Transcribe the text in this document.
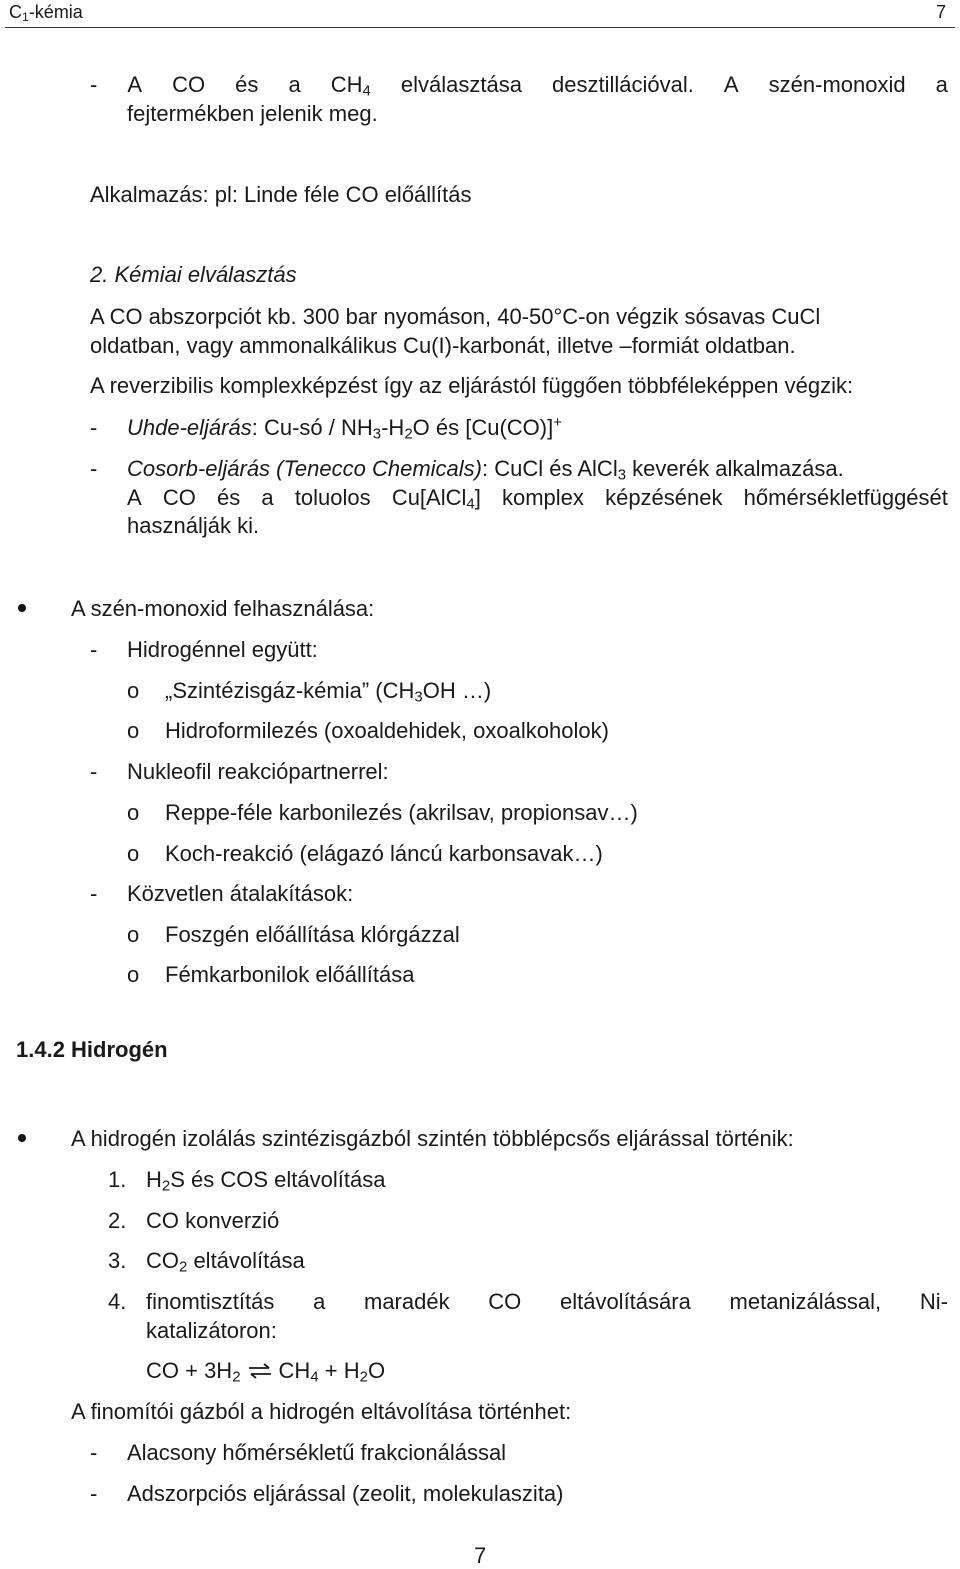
$C_1$-kémia	7
- A CO és a $CH_4$ elválasztása desztillációval. A szén-monoxid a
fejtermékben jelenik meg.
Alkalmazás: pl: Linde féle CO előállítás
2. Kémiai elválasztás
A CO abszorpciót kb. 300 bar nyomáson, 40-50°C-on végzik sósavas CuCl
oldatban, vagy ammonalkálikus Cu(I)-karbonát, illetve –formiát oldatban.
A reverzibilis komplexképzést így az eljárástól függően többféleképpen végzik:
- Uhde-eljárás: Cu-só / $NH_3-H_2O$ és [Cu(CO)]+
- Cosorb-eljárás (Tenecco Chemicals): CuCl és AlCl$_3$ keverék alkalmazása.
A CO és a toluolos Cu[AlCl$_4$] komplex képzésének hőmérsékletfüggését
használják ki.
A szén-monoxid felhasználása:
- Hidrogénnel együtt:
o „Szintézisgáz-kémia” ($CH_3OH$ …)
o Hidroformilezés (oxoaldehidek, oxoalkoholok)
- Nukleofil reakciópartnerrel:
o Reppe-féle karbonilezés (akrilsav, propionsav…)
o Koch-reakció (elágazó láncú karbonsavak…)
- Közvetlen átalakítások:
o Foszgén előállítása klórgázzal
o Fémkarbonilok előállítása
1.4.2 Hidrogén
A hidrogén izolálás szintézisgázból szintén többlépcsős eljárással történik:
1. $H_2S$ és COS eltávolítása
2. CO konverzió
3. $CO_2$ eltávolítása
4. finomtisztítás a maradék CO eltávolítására metanizálással, Ni-
katalizátoron:
CO + $3H_2$ ⇌ $CH_4 + H_2O$
A finomítói gázból a hidrogén eltávolítása történhet:
- Alacsony hőmérsékletű frakcionálással
- Adszorpciós eljárással (zeolit, molekulaszita)
7
